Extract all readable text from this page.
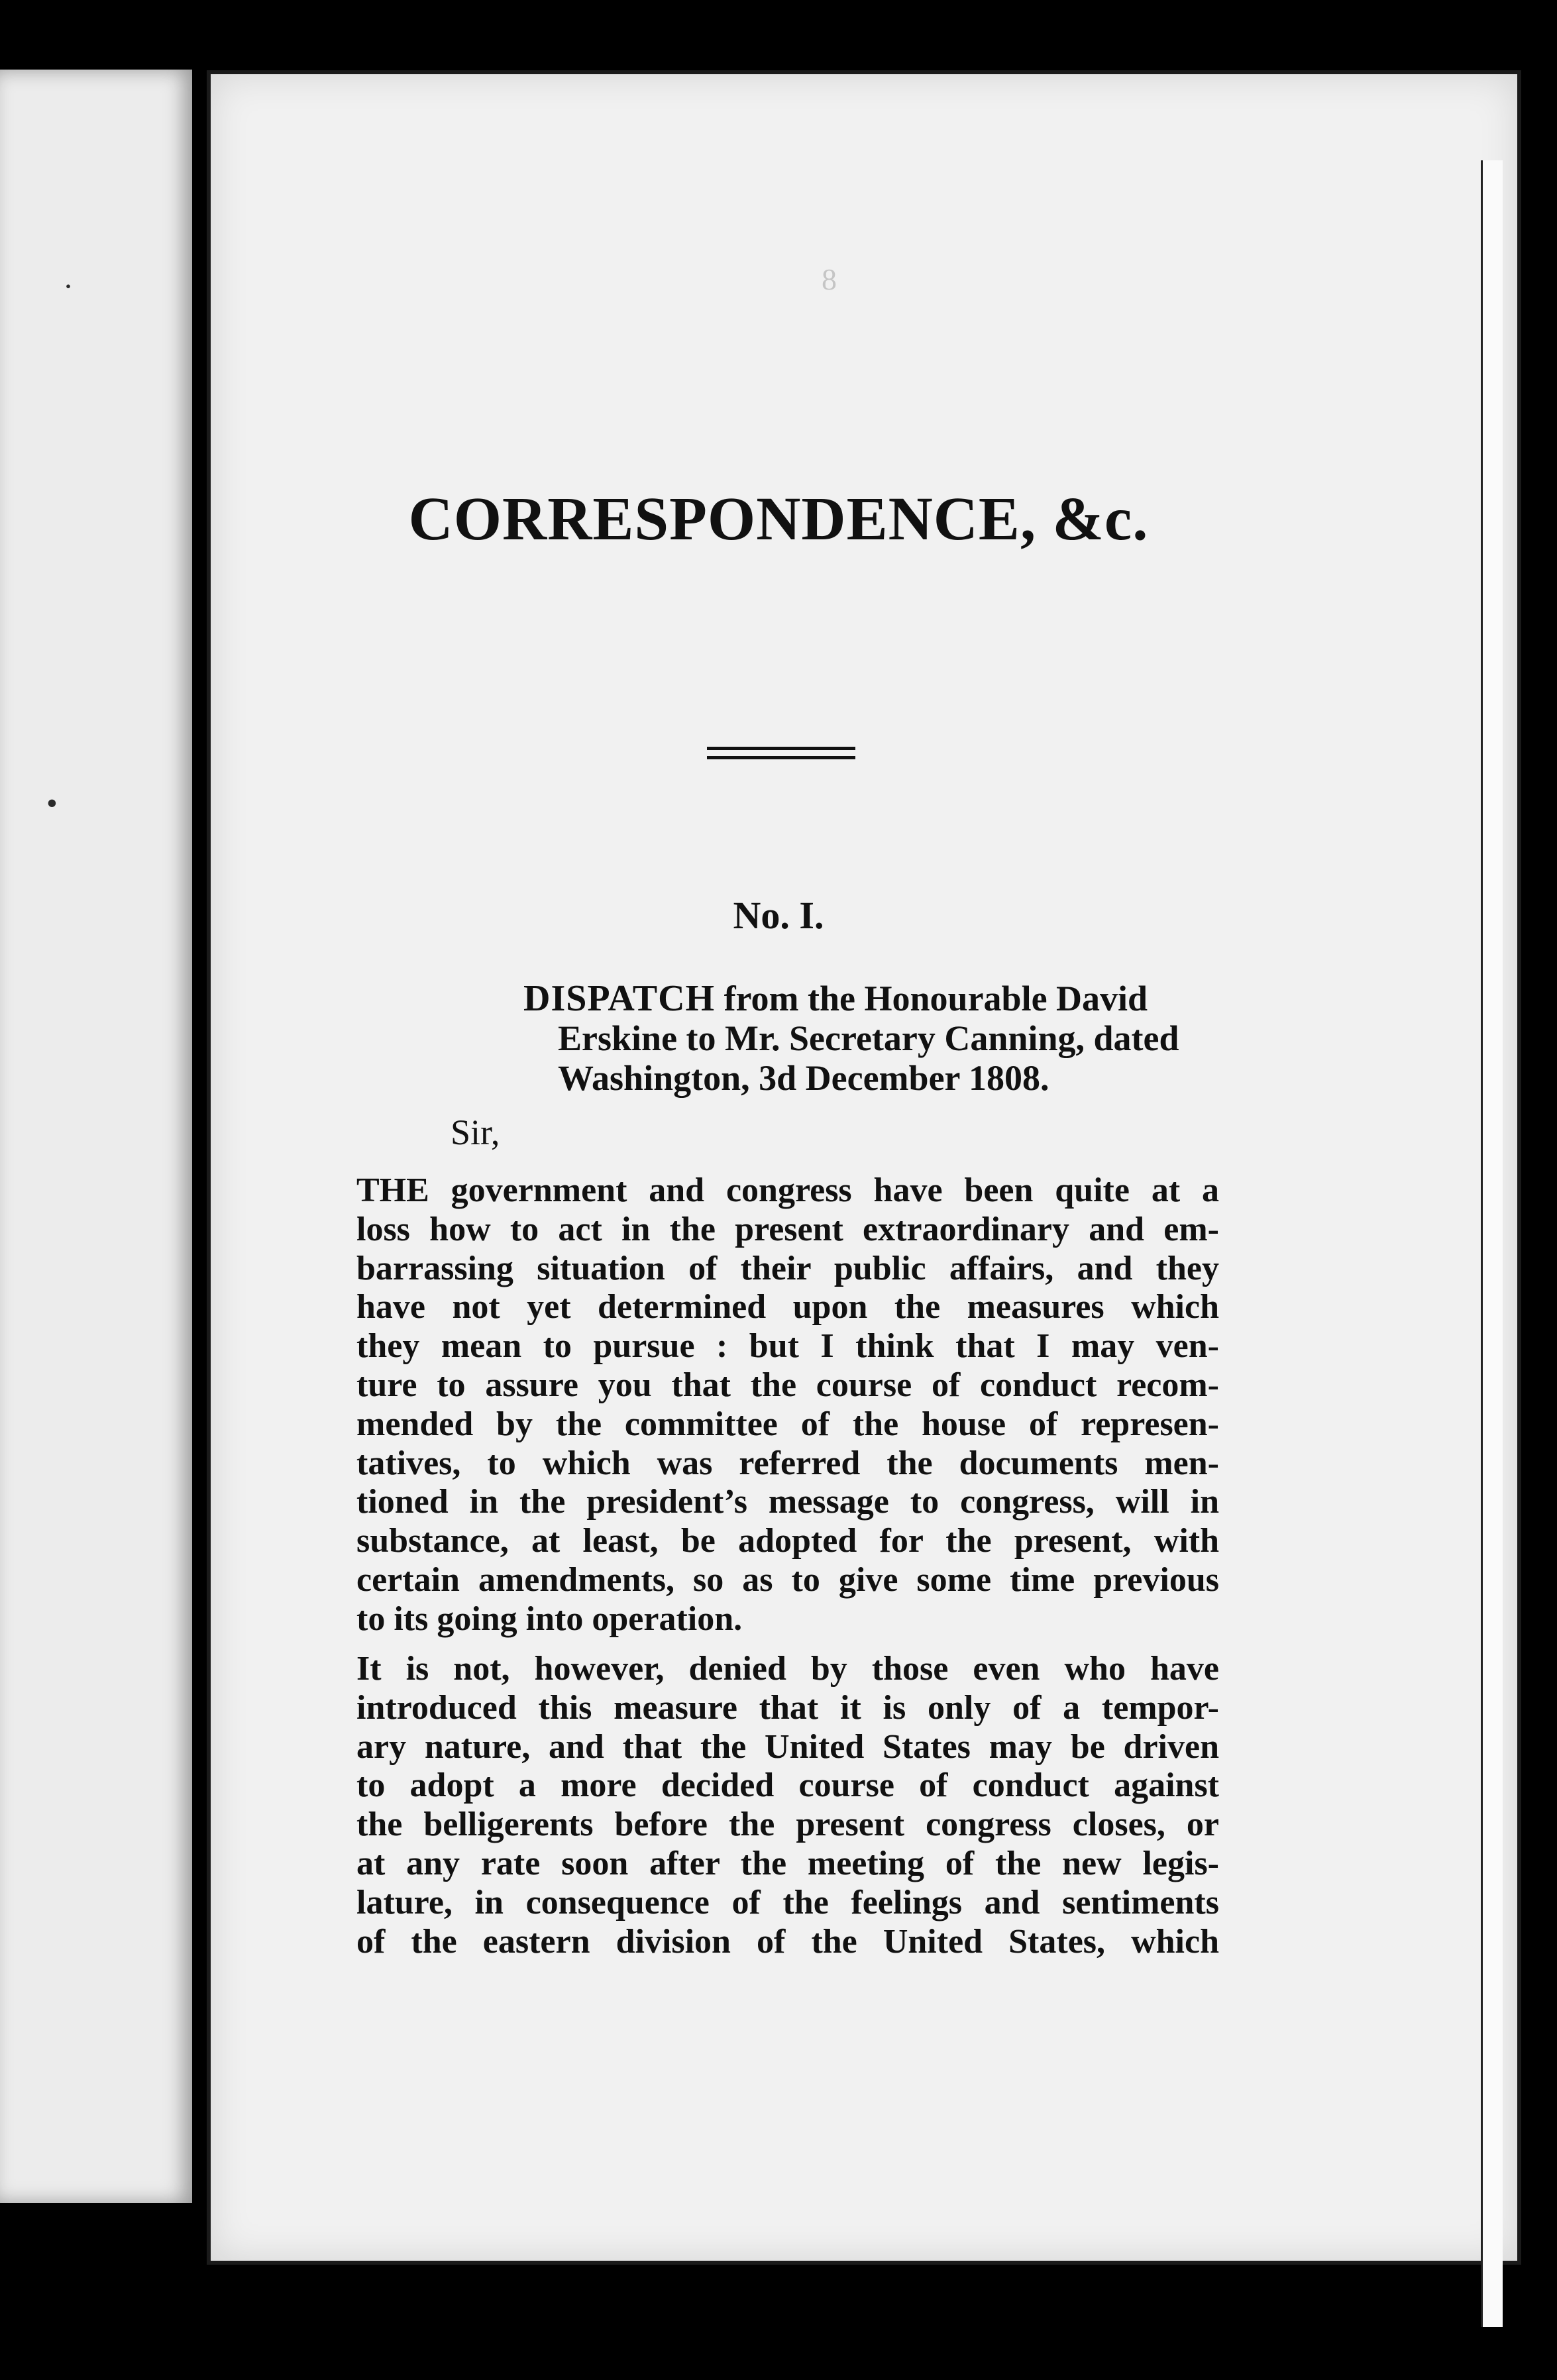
·
•
8
CORRESPONDENCE, &c.
No. I.
DISPATCH from the Honourable David
Erskine to Mr. Secretary Canning, dated
Washington, 3d December 1808.
Sir,
THE government and congress have been quite at a
loss how to act in the present extraordinary and em-
barrassing situation of their public affairs, and they
have not yet determined upon the measures which
they mean to pursue : but I think that I may ven-
ture to assure you that the course of conduct recom-
mended by the committee of the house of represen-
tatives, to which was referred the documents men-
tioned in the president’s message to congress, will in
substance, at least, be adopted for the present, with
certain amendments, so as to give some time previous
to its going into operation.
It is not, however, denied by those even who have
introduced this measure that it is only of a tempor-
ary nature, and that the United States may be driven
to adopt a more decided course of conduct against
the belligerents before the present congress closes, or
at any rate soon after the meeting of the new legis-
lature, in consequence of the feelings and sentiments
of the eastern division of the United States, which
